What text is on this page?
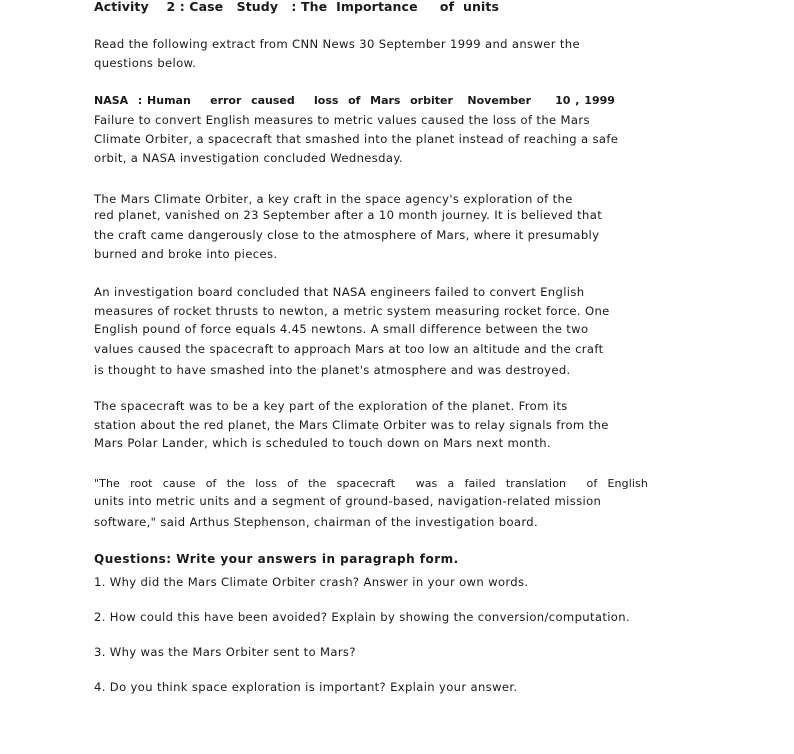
Activity    2 : Case   Study   : The  Importance     of  units
Read the following extract from CNN News 30 September 1999 and answer the
questions below.
NASA  : Human    error  caused    loss  of  Mars  orbiter   November     10 , 1999
Failure to convert English measures to metric values caused the loss of the Mars
Climate Orbiter, a spacecraft that smashed into the planet instead of reaching a safe
orbit, a NASA investigation concluded Wednesday.
The Mars Climate Orbiter, a key craft in the space agency's exploration of the
red planet, vanished on 23 September after a 10 month journey. It is believed that
the craft came dangerously close to the atmosphere of Mars, where it presumably
burned and broke into pieces.
An investigation board concluded that NASA engineers failed to convert English
measures of rocket thrusts to newton, a metric system measuring rocket force. One
English pound of force equals 4.45 newtons. A small difference between the two
values caused the spacecraft to approach Mars at too low an altitude and the craft
is thought to have smashed into the planet's atmosphere and was destroyed.
The spacecraft was to be a key part of the exploration of the planet. From its
station about the red planet, the Mars Climate Orbiter was to relay signals from the
Mars Polar Lander, which is scheduled to touch down on Mars next month.
"The  root  cause  of  the  loss  of  the  spacecraft    was  a  failed  translation    of  English
units into metric units and a segment of ground-based, navigation-related mission
software," said Arthus Stephenson, chairman of the investigation board.
Questions: Write your answers in paragraph form.
1. Why did the Mars Climate Orbiter crash? Answer in your own words.
2. How could this have been avoided? Explain by showing the conversion/computation.
3. Why was the Mars Orbiter sent to Mars?
4. Do you think space exploration is important? Explain your answer.
